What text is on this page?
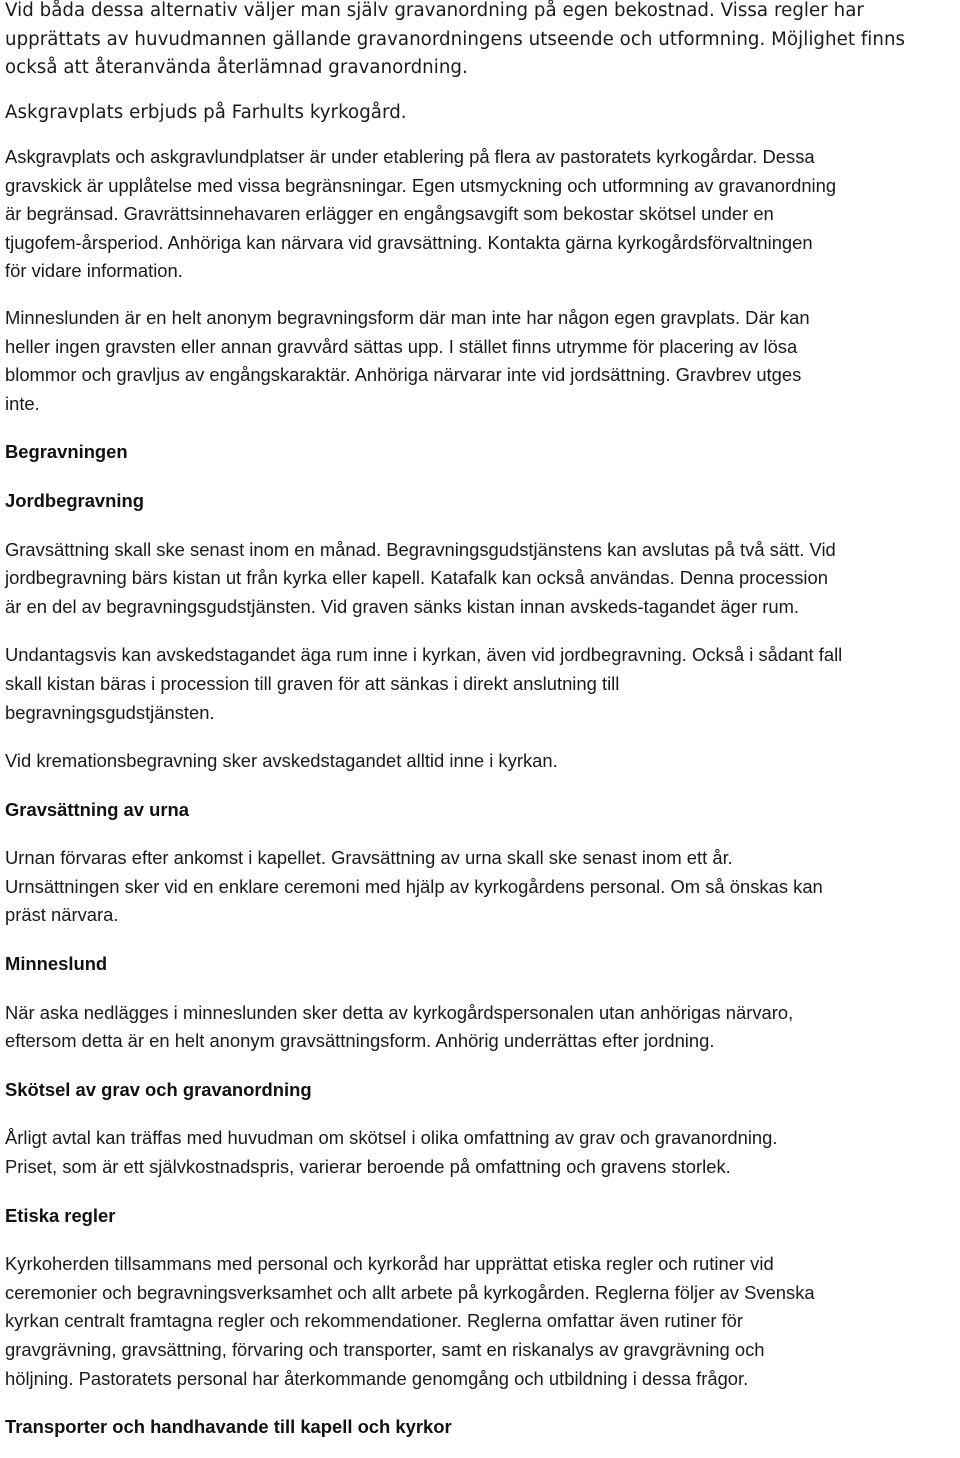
Vid båda dessa alternativ väljer man själv gravanordning på egen bekostnad. Vissa regler har
upprättats av huvudmannen gällande gravanordningens utseende och utformning. Möjlighet finns
också att återanvända återlämnad gravanordning.

Askgravplats erbjuds på Farhults kyrkogård.

Askgravplats och askgravlundplatser är under etablering på flera av pastoratets kyrkogårdar. Dessa
gravskick är upplåtelse med vissa begränsningar. Egen utsmyckning och utformning av gravanordning
är begränsad. Gravrättsinnehavaren erlägger en engångsavgift som bekostar skötsel under en
tjugofem-årsperiod. Anhöriga kan närvara vid gravsättning. Kontakta gärna kyrkogårdsförvaltningen
för vidare information.

Minneslunden är en helt anonym begravningsform där man inte har någon egen gravplats. Där kan
heller ingen gravsten eller annan gravvård sättas upp. I stället finns utrymme för placering av lösa
blommor och gravljus av engångskaraktär. Anhöriga närvarar inte vid jordsättning. Gravbrev utges
inte.

Begravningen

Jordbegravning

Gravsättning skall ske senast inom en månad. Begravningsgudstjänstens kan avslutas på två sätt. Vid
jordbegravning bärs kistan ut från kyrka eller kapell. Katafalk kan också användas. Denna procession
är en del av begravningsgudstjänsten. Vid graven sänks kistan innan avskeds-tagandet äger rum.

Undantagsvis kan avskedstagandet äga rum inne i kyrkan, även vid jordbegravning. Också i sådant fall
skall kistan bäras i procession till graven för att sänkas i direkt anslutning till
begravningsgudstjänsten.

Vid kremationsbegravning sker avskedstagandet alltid inne i kyrkan.

Gravsättning av urna

Urnan förvaras efter ankomst i kapellet. Gravsättning av urna skall ske senast inom ett år.
Urnsättningen sker vid en enklare ceremoni med hjälp av kyrkogårdens personal. Om så önskas kan
präst närvara.

Minneslund

När aska nedlägges i minneslunden sker detta av kyrkogårdspersonalen utan anhörigas närvaro,
eftersom detta är en helt anonym gravsättningsform. Anhörig underrättas efter jordning.

Skötsel av grav och gravanordning

Årligt avtal kan träffas med huvudman om skötsel i olika omfattning av grav och gravanordning.
Priset, som är ett självkostnadspris, varierar beroende på omfattning och gravens storlek.

Etiska regler

Kyrkoherden tillsammans med personal och kyrkoråd har upprättat etiska regler och rutiner vid
ceremonier och begravningsverksamhet och allt arbete på kyrkogården. Reglerna följer av Svenska
kyrkan centralt framtagna regler och rekommendationer. Reglerna omfattar även rutiner för
gravgrävning, gravsättning, förvaring och transporter, samt en riskanalys av gravgrävning och
höljning. Pastoratets personal har återkommande genomgång och utbildning i dessa frågor.

Transporter och handhavande till kapell och kyrkor
